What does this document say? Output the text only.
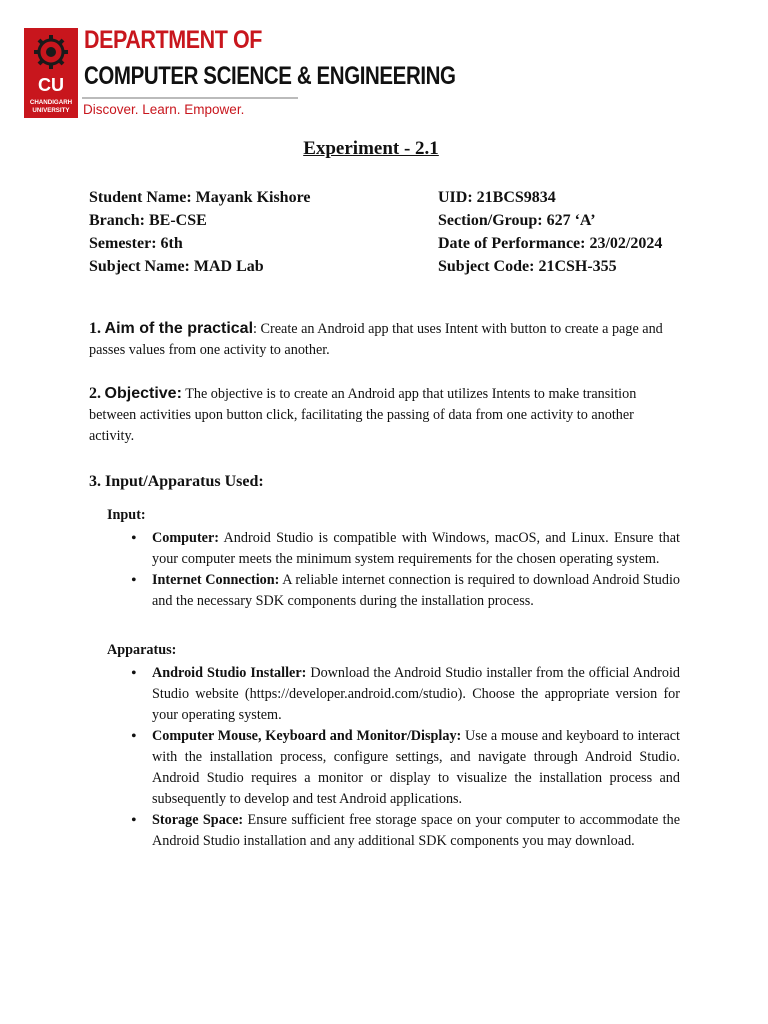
CU
CHANDIGARH
UNIVERSITY
DEPARTMENT OF
COMPUTER SCIENCE & ENGINEERING
Discover. Learn. Empower.
Experiment - 2.1
Student Name: Mayank Kishore
Branch: BE-CSE
Semester: 6th
Subject Name: MAD Lab
UID: 21BCS9834
Section/Group: 627 ‘A’
Date of Performance: 23/02/2024
Subject Code: 21CSH-355
1. Aim of the practical: Create an Android app that uses Intent with button to create a page and passes values from one activity to another.
2. Objective: The objective is to create an Android app that utilizes Intents to make transition between activities upon button click, facilitating the passing of data from one activity to another activity.
3. Input/Apparatus Used:
Input:
• Computer: Android Studio is compatible with Windows, macOS, and Linux. Ensure that your computer meets the minimum system requirements for the chosen operating system.
• Internet Connection: A reliable internet connection is required to download Android Studio and the necessary SDK components during the installation process.
Apparatus:
• Android Studio Installer: Download the Android Studio installer from the official Android Studio website (https://developer.android.com/studio). Choose the appropriate version for your operating system.
• Computer Mouse, Keyboard and Monitor/Display: Use a mouse and keyboard to interact with the installation process, configure settings, and navigate through Android Studio. Android Studio requires a monitor or display to visualize the installation process and subsequently to develop and test Android applications.
• Storage Space: Ensure sufficient free storage space on your computer to accommodate the Android Studio installation and any additional SDK components you may download.
